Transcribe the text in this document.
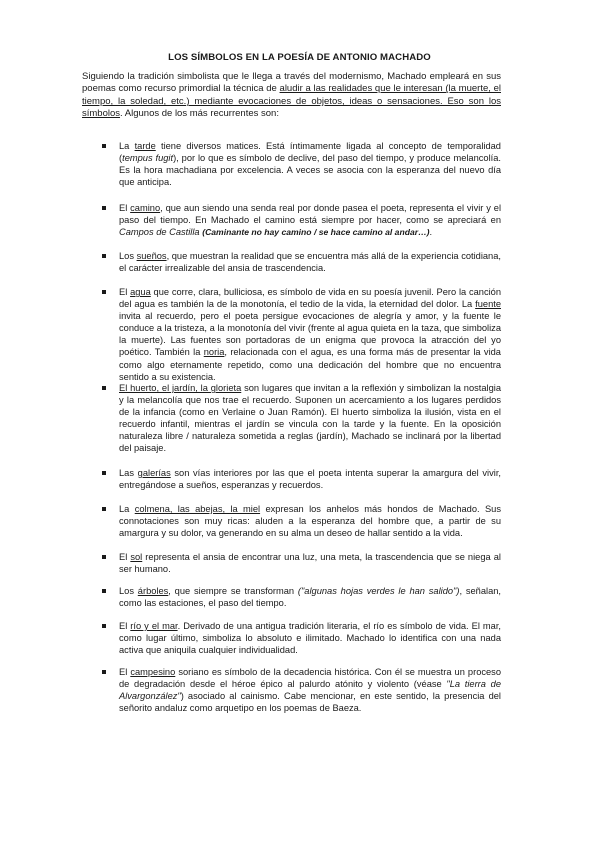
LOS SÍMBOLOS EN LA POESÍA DE ANTONIO MACHADO

Siguiendo la tradición simbolista que le llega a través del modernismo, Machado empleará en sus poemas como recurso primordial la técnica de aludir a las realidades que le interesan (la muerte, el tiempo, la soledad, etc.) mediante evocaciones de objetos, ideas o sensaciones. Eso son los símbolos. Algunos de los más recurrentes son:

La tarde tiene diversos matices. Está íntimamente ligada al concepto de temporalidad (tempus fugit), por lo que es símbolo de declive, del paso del tiempo, y produce melancolía. Es la hora machadiana por excelencia. A veces se asocia con la esperanza del nuevo día que anticipa.
El camino, que aun siendo una senda real por donde pasea el poeta, representa el vivir y el paso del tiempo. En Machado el camino está siempre por hacer, como se apreciará en Campos de Castilla (Caminante no hay camino / se hace camino al andar…).
Los sueños, que muestran la realidad que se encuentra más allá de la experiencia cotidiana, el carácter irrealizable del ansia de trascendencia.
El agua que corre, clara, bulliciosa, es símbolo de vida en su poesía juvenil. Pero la canción del agua es también la de la monotonía, el tedio de la vida, la eternidad del dolor. La fuente invita al recuerdo, pero el poeta persigue evocaciones de alegría y amor, y la fuente le conduce a la tristeza, a la monotonía del vivir (frente al agua quieta en la taza, que simboliza la muerte). Las fuentes son portadoras de un enigma que provoca la atracción del yo poético. También la noria, relacionada con el agua, es una forma más de presentar la vida como algo eternamente repetido, como una dedicación del hombre que no encuentra sentido a su existencia.
El huerto, el jardín, la glorieta son lugares que invitan a la reflexión y simbolizan la nostalgia y la melancolía que nos trae el recuerdo. Suponen un acercamiento a los lugares perdidos de la infancia (como en Verlaine o Juan Ramón). El huerto simboliza la ilusión, vista en el recuerdo infantil, mientras el jardín se vincula con la tarde y la fuente. En la oposición naturaleza libre / naturaleza sometida a reglas (jardín), Machado se inclinará por la libertad del paisaje.
Las galerías son vías interiores por las que el poeta intenta superar la amargura del vivir, entregándose a sueños, esperanzas y recuerdos.
La colmena, las abejas, la miel expresan los anhelos más hondos de Machado. Sus connotaciones son muy ricas: aluden a la esperanza del hombre que, a partir de su amargura y su dolor, va generando en su alma un deseo de hallar sentido a la vida.
El sol representa el ansia de encontrar una luz, una meta, la trascendencia que se niega al ser humano.
Los árboles, que siempre se transforman ("algunas hojas verdes le han salido"), señalan, como las estaciones, el paso del tiempo.
El río y el mar. Derivado de una antigua tradición literaria, el río es símbolo de vida. El mar, como lugar último, simboliza lo absoluto e ilimitado. Machado lo identifica con una nada activa que aniquila cualquier individualidad.
El campesino soriano es símbolo de la decadencia histórica. Con él se muestra un proceso de degradación desde el héroe épico al palurdo atónito y violento (véase "La tierra de Alvargonzález") asociado al cainismo. Cabe mencionar, en este sentido, la presencia del señorito andaluz como arquetipo en los poemas de Baeza.
